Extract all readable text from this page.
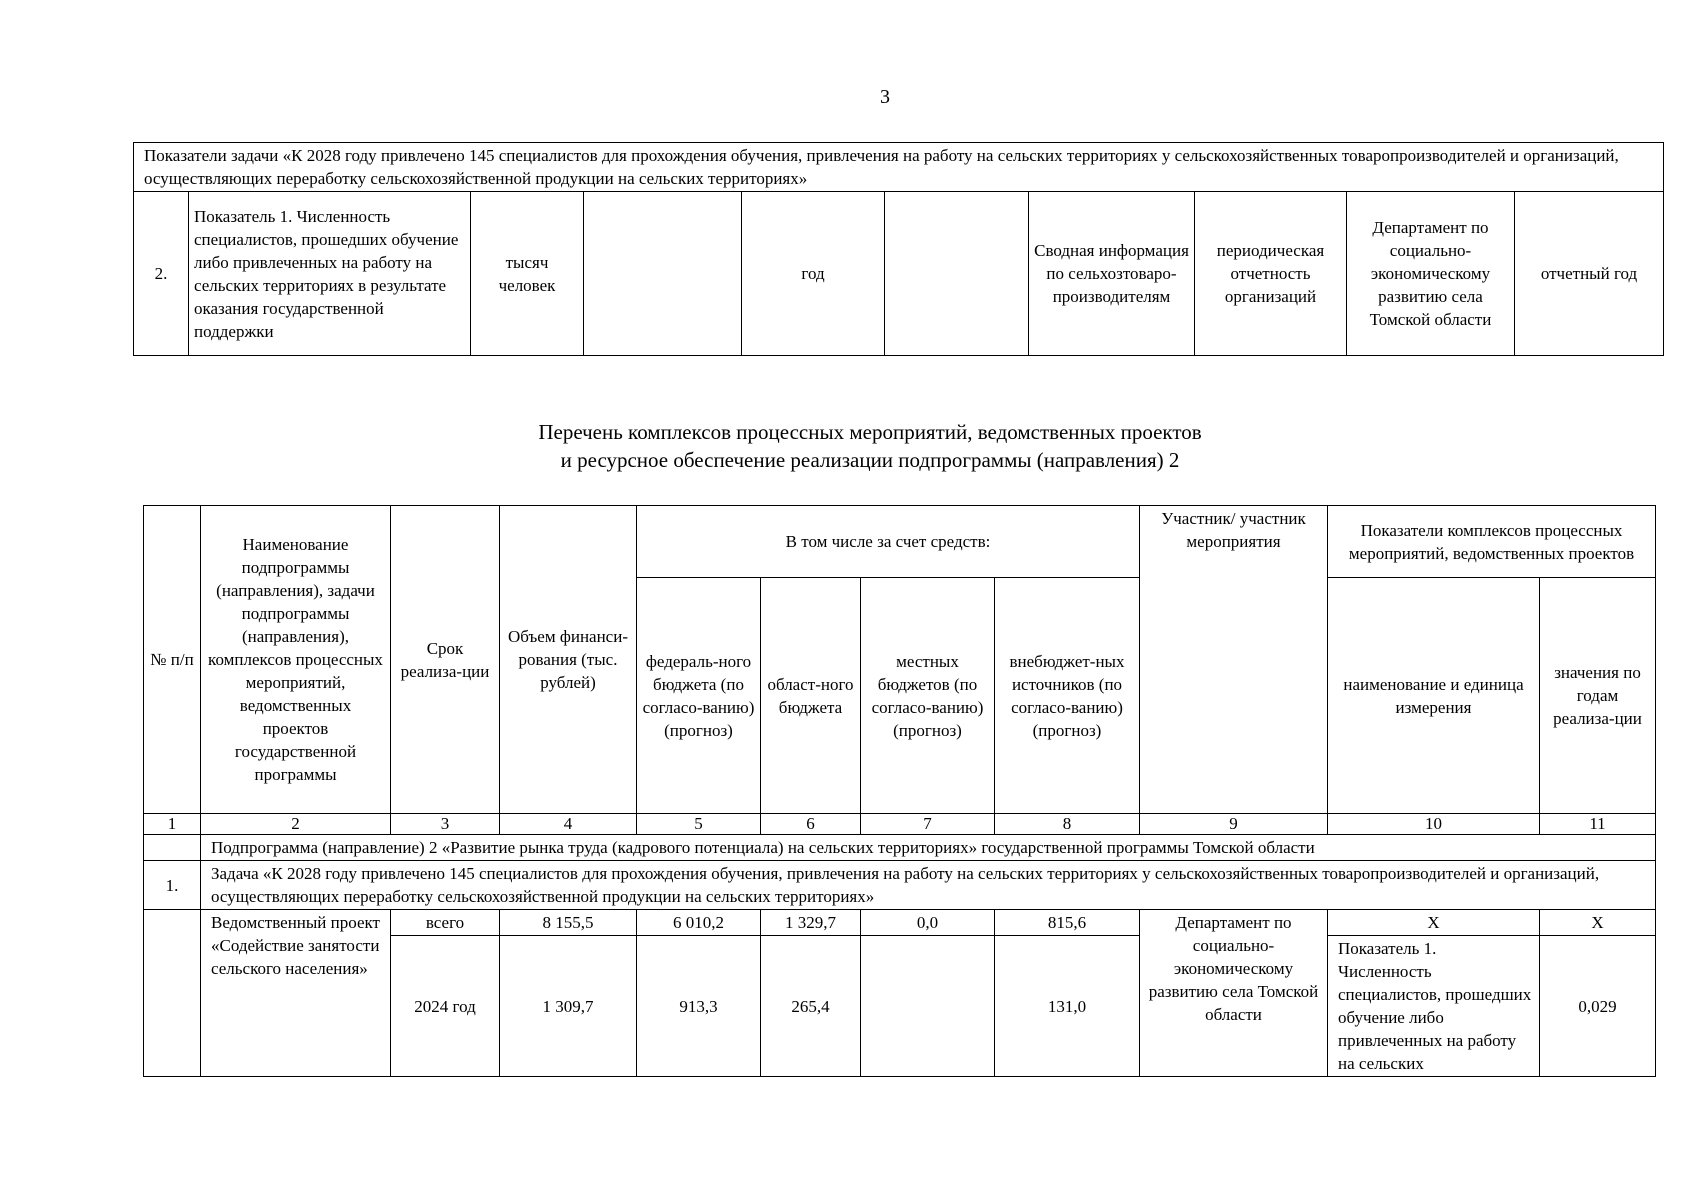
3
Показатели задачи «К 2028 году привлечено 145 специалистов для прохождения обучения, привлечения на работу на сельских территориях у сельскохозяйственных товаропроизводителей и организаций, осуществляющих переработку сельскохозяйственной продукции на сельских территориях»
2.	Показатель 1. Численность специалистов, прошедших обучение либо привлеченных на работу на сельских территориях в результате оказания государственной поддержки	тысяч человек		год		Сводная информация по сельхозтоваро-производителям	периодическая отчетность организаций	Департамент по социально-экономическому развитию села Томской области	отчетный год
Перечень комплексов процессных мероприятий, ведомственных проектов
и ресурсное обеспечение реализации подпрограммы (направления) 2
№ п/п	Наименование подпрограммы (направления), задачи подпрограммы (направления), комплексов процессных мероприятий, ведомственных проектов государственной программы	Срок реализа-ции	Объем финанси-рования (тыс. рублей)	В том числе за счет средств:				Участник/ участник мероприятия	Показатели комплексов процессных мероприятий, ведомственных проектов	
				федераль-ного бюджета (по согласо-ванию) (прогноз)	област-ного бюджета	местных бюджетов (по согласо-ванию) (прогноз)	внебюджет-ных источников (по согласо-ванию) (прогноз)		наименование и единица измерения	значения по годам реализа-ции
1	2	3	4	5	6	7	8	9	10	11
	Подпрограмма (направление) 2 «Развитие рынка труда (кадрового потенциала) на сельских территориях» государственной программы Томской области									
1.	Задача «К 2028 году привлечено 145 специалистов для прохождения обучения, привлечения на работу на сельских территориях у сельскохозяйственных товаропроизводителей и организаций, осуществляющих переработку сельскохозяйственной продукции на сельских территориях»									
	Ведомственный проект «Содействие занятости сельского населения»	всего	8 155,5	6 010,2	1 329,7	0,0	815,6	Департамент по социально-экономическому развитию села Томской области	Х	Х
		2024 год	1 309,7	913,3	265,4		131,0		Показатель 1. Численность специалистов, прошедших обучение либо привлеченных на работу на сельских	0,029
